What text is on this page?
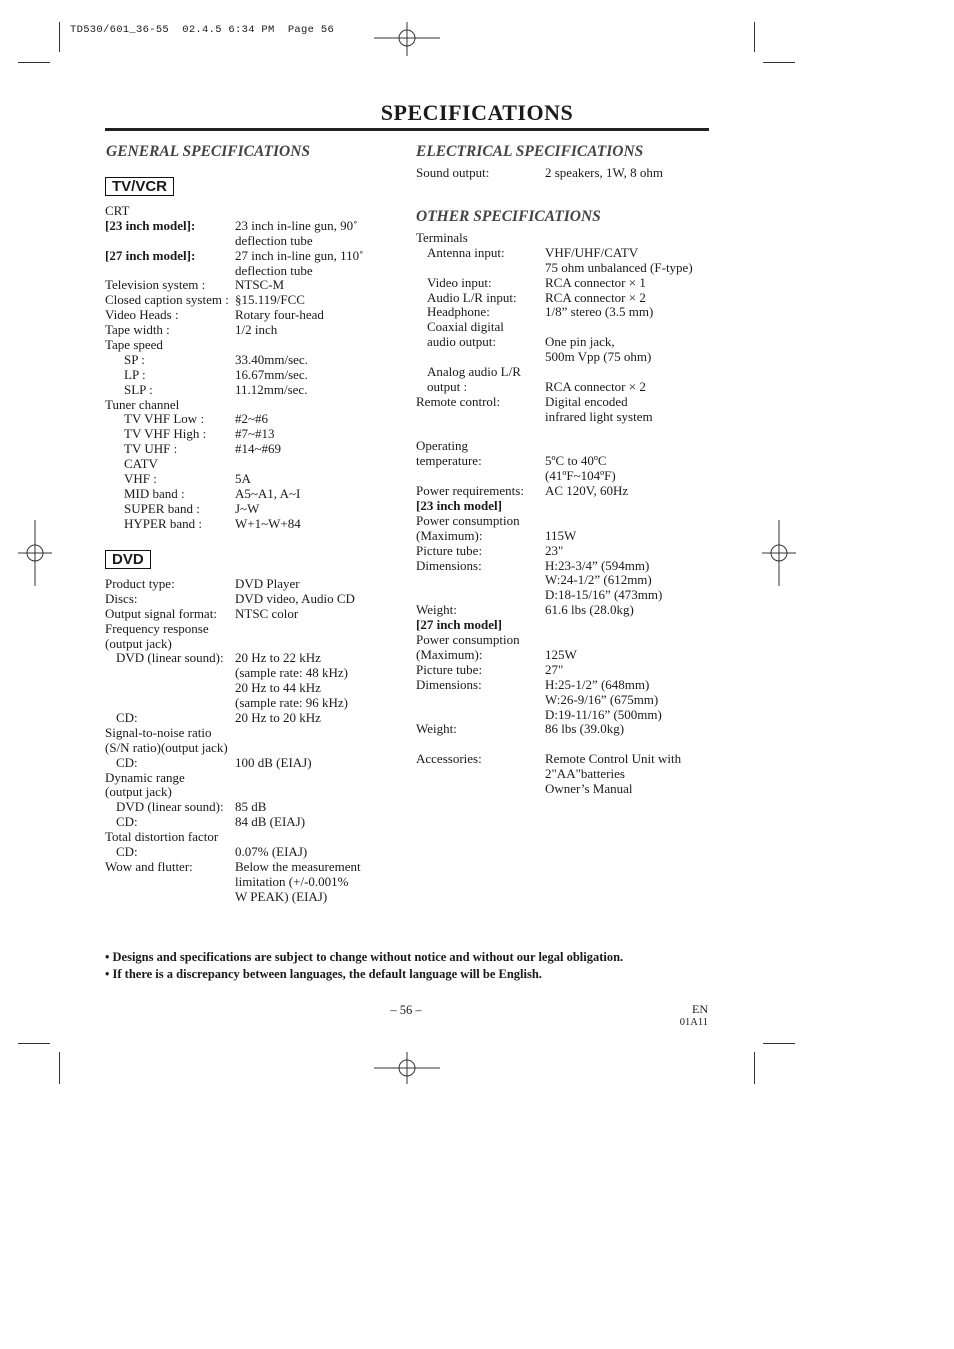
TD530/601_36-55  02.4.5 6:34 PM  Page 56
SPECIFICATIONS
GENERAL SPECIFICATIONS
TV/VCR
CRT
[23 inch model]:	23 inch in-line gun, 90˚
deflection tube
[27 inch model]:	27 inch in-line gun, 110˚
deflection tube
Television system : NTSC-M
Closed caption system : §15.119/FCC
Video Heads :	Rotary four-head
Tape width :	1/2 inch
Tape speed
SP :	33.40mm/sec.
LP :	16.67mm/sec.
SLP :	11.12mm/sec.
Tuner channel
TV VHF Low : #2~#6
TV VHF High : #7~#13
TV UHF :	#14~#69
CATV
VHF :	5A
MID band :	A5~A1, A~I
SUPER band :	J~W
HYPER band :	W+1~W+84
DVD
Product type:	DVD Player
Discs:	DVD video, Audio CD
Output signal format: NTSC color
Frequency response
(output jack)
DVD (linear sound): 20 Hz to 22 kHz
(sample rate: 48 kHz)
20 Hz to 44 kHz
(sample rate: 96 kHz)
CD:	20 Hz to 20 kHz
Signal-to-noise ratio
(S/N ratio)(output jack)
CD:	100 dB (EIAJ)
Dynamic range
(output jack)
DVD (linear sound): 85 dB
CD:	84 dB (EIAJ)
Total distortion factor
CD:	0.07% (EIAJ)
Wow and flutter:	Below the measurement
limitation (+/-0.001%
W PEAK) (EIAJ)
ELECTRICAL SPECIFICATIONS
Sound output:	2 speakers, 1W, 8 ohm
OTHER SPECIFICATIONS
Terminals
Antenna input:	VHF/UHF/CATV
75 ohm unbalanced (F-type)
Video input:	RCA connector × 1
Audio L/R input: RCA connector × 2
Headphone:	1/8” stereo (3.5 mm)
Coaxial digital
audio output:	One pin jack,
500m Vpp (75 ohm)
Analog audio L/R
output :	RCA connector × 2
Remote control:	Digital encoded
infrared light system
Operating
temperature:	5ºC to 40ºC
(41ºF~104ºF)
Power requirements: AC 120V, 60Hz
[23 inch model]
Power consumption
(Maximum):	115W
Picture tube:	23"
Dimensions:	H:23-3/4” (594mm)
W:24-1/2” (612mm)
D:18-15/16” (473mm)
Weight:	61.6 lbs (28.0kg)
[27 inch model]
Power consumption
(Maximum):	125W
Picture tube:	27"
Dimensions:	H:25-1/2” (648mm)
W:26-9/16” (675mm)
D:19-11/16” (500mm)
Weight:	86 lbs (39.0kg)
Accessories:	Remote Control Unit with
2"AA"batteries
Owner’s Manual
• Designs and specifications are subject to change without notice and without our legal obligation.
• If there is a discrepancy between languages, the default language will be English.
– 56 –	EN
01A11
